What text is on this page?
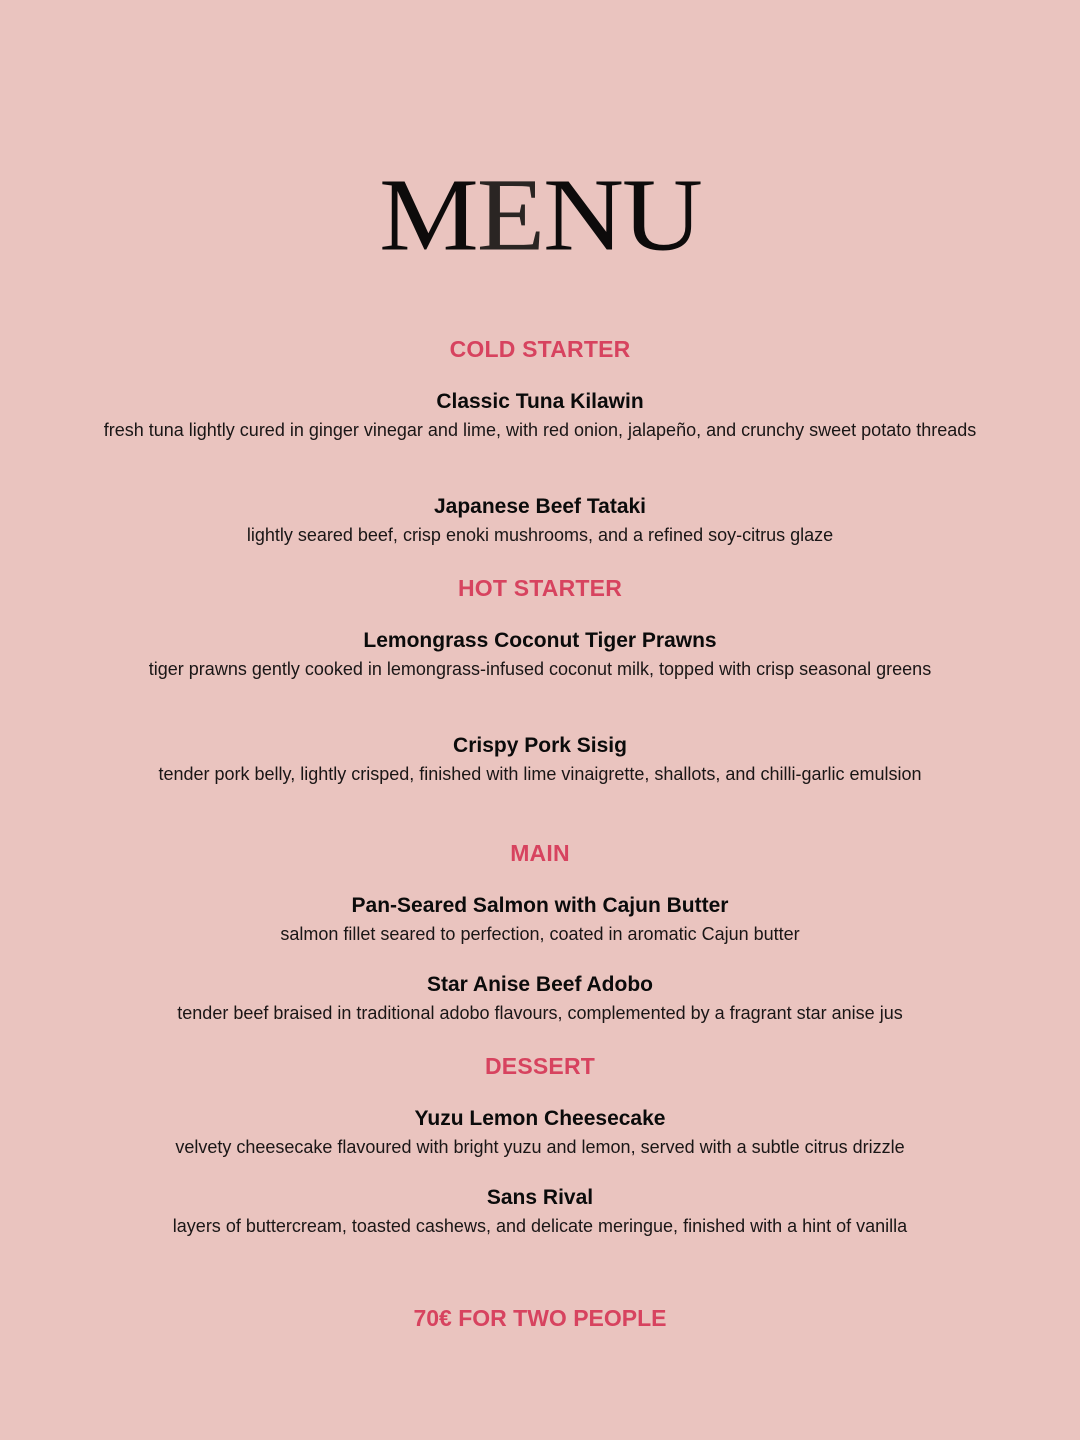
MENU
COLD STARTER
Classic Tuna Kilawin
fresh tuna lightly cured in ginger vinegar and lime, with red onion, jalapeño, and crunchy sweet potato threads
Japanese Beef Tataki
lightly seared beef, crisp enoki mushrooms, and a refined soy-citrus glaze
HOT STARTER
Lemongrass Coconut Tiger Prawns
tiger prawns gently cooked in lemongrass-infused coconut milk, topped with crisp seasonal greens
Crispy Pork Sisig
tender pork belly, lightly crisped, finished with lime vinaigrette, shallots, and chilli-garlic emulsion
MAIN
Pan-Seared Salmon with Cajun Butter
salmon fillet seared to perfection, coated in aromatic Cajun butter
Star Anise Beef Adobo
tender beef braised in traditional adobo flavours, complemented by a fragrant star anise jus
DESSERT
Yuzu Lemon Cheesecake
velvety cheesecake flavoured with bright yuzu and lemon, served with a subtle citrus drizzle
Sans Rival
layers of buttercream, toasted cashews, and delicate meringue, finished with a hint of vanilla
70€ FOR TWO PEOPLE
